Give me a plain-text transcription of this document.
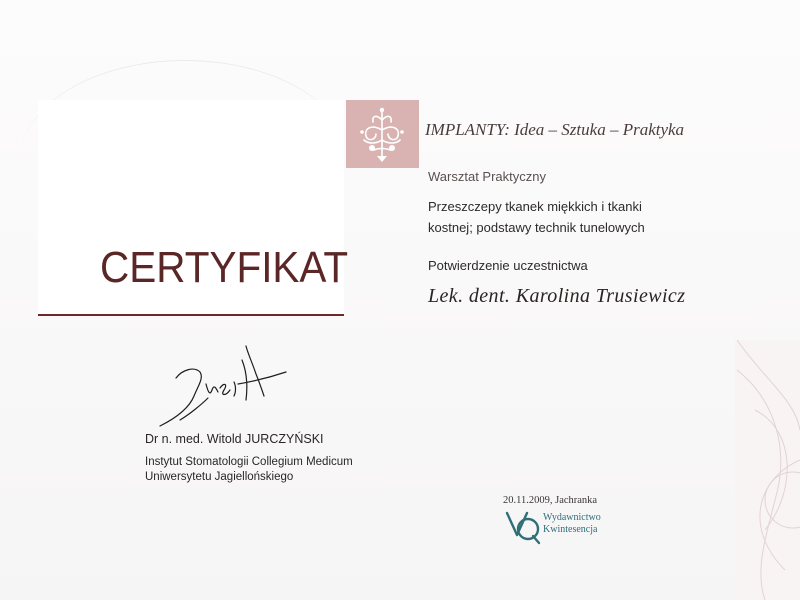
CERTYFIKAT
IMPLANTY: Idea – Sztuka – Praktyka
Warsztat Praktyczny
Przeszczepy tkanek miękkich i tkanki
kostnej; podstawy technik tunelowych
Potwierdzenie uczestnictwa
Lek. dent. Karolina Trusiewicz
Dr n. med. Witold JURCZYŃSKI
Instytut Stomatologii Collegium Medicum
Uniwersytetu Jagiellońskiego
20.11.2009, Jachranka
Wydawnictwo
Kwintesencja
